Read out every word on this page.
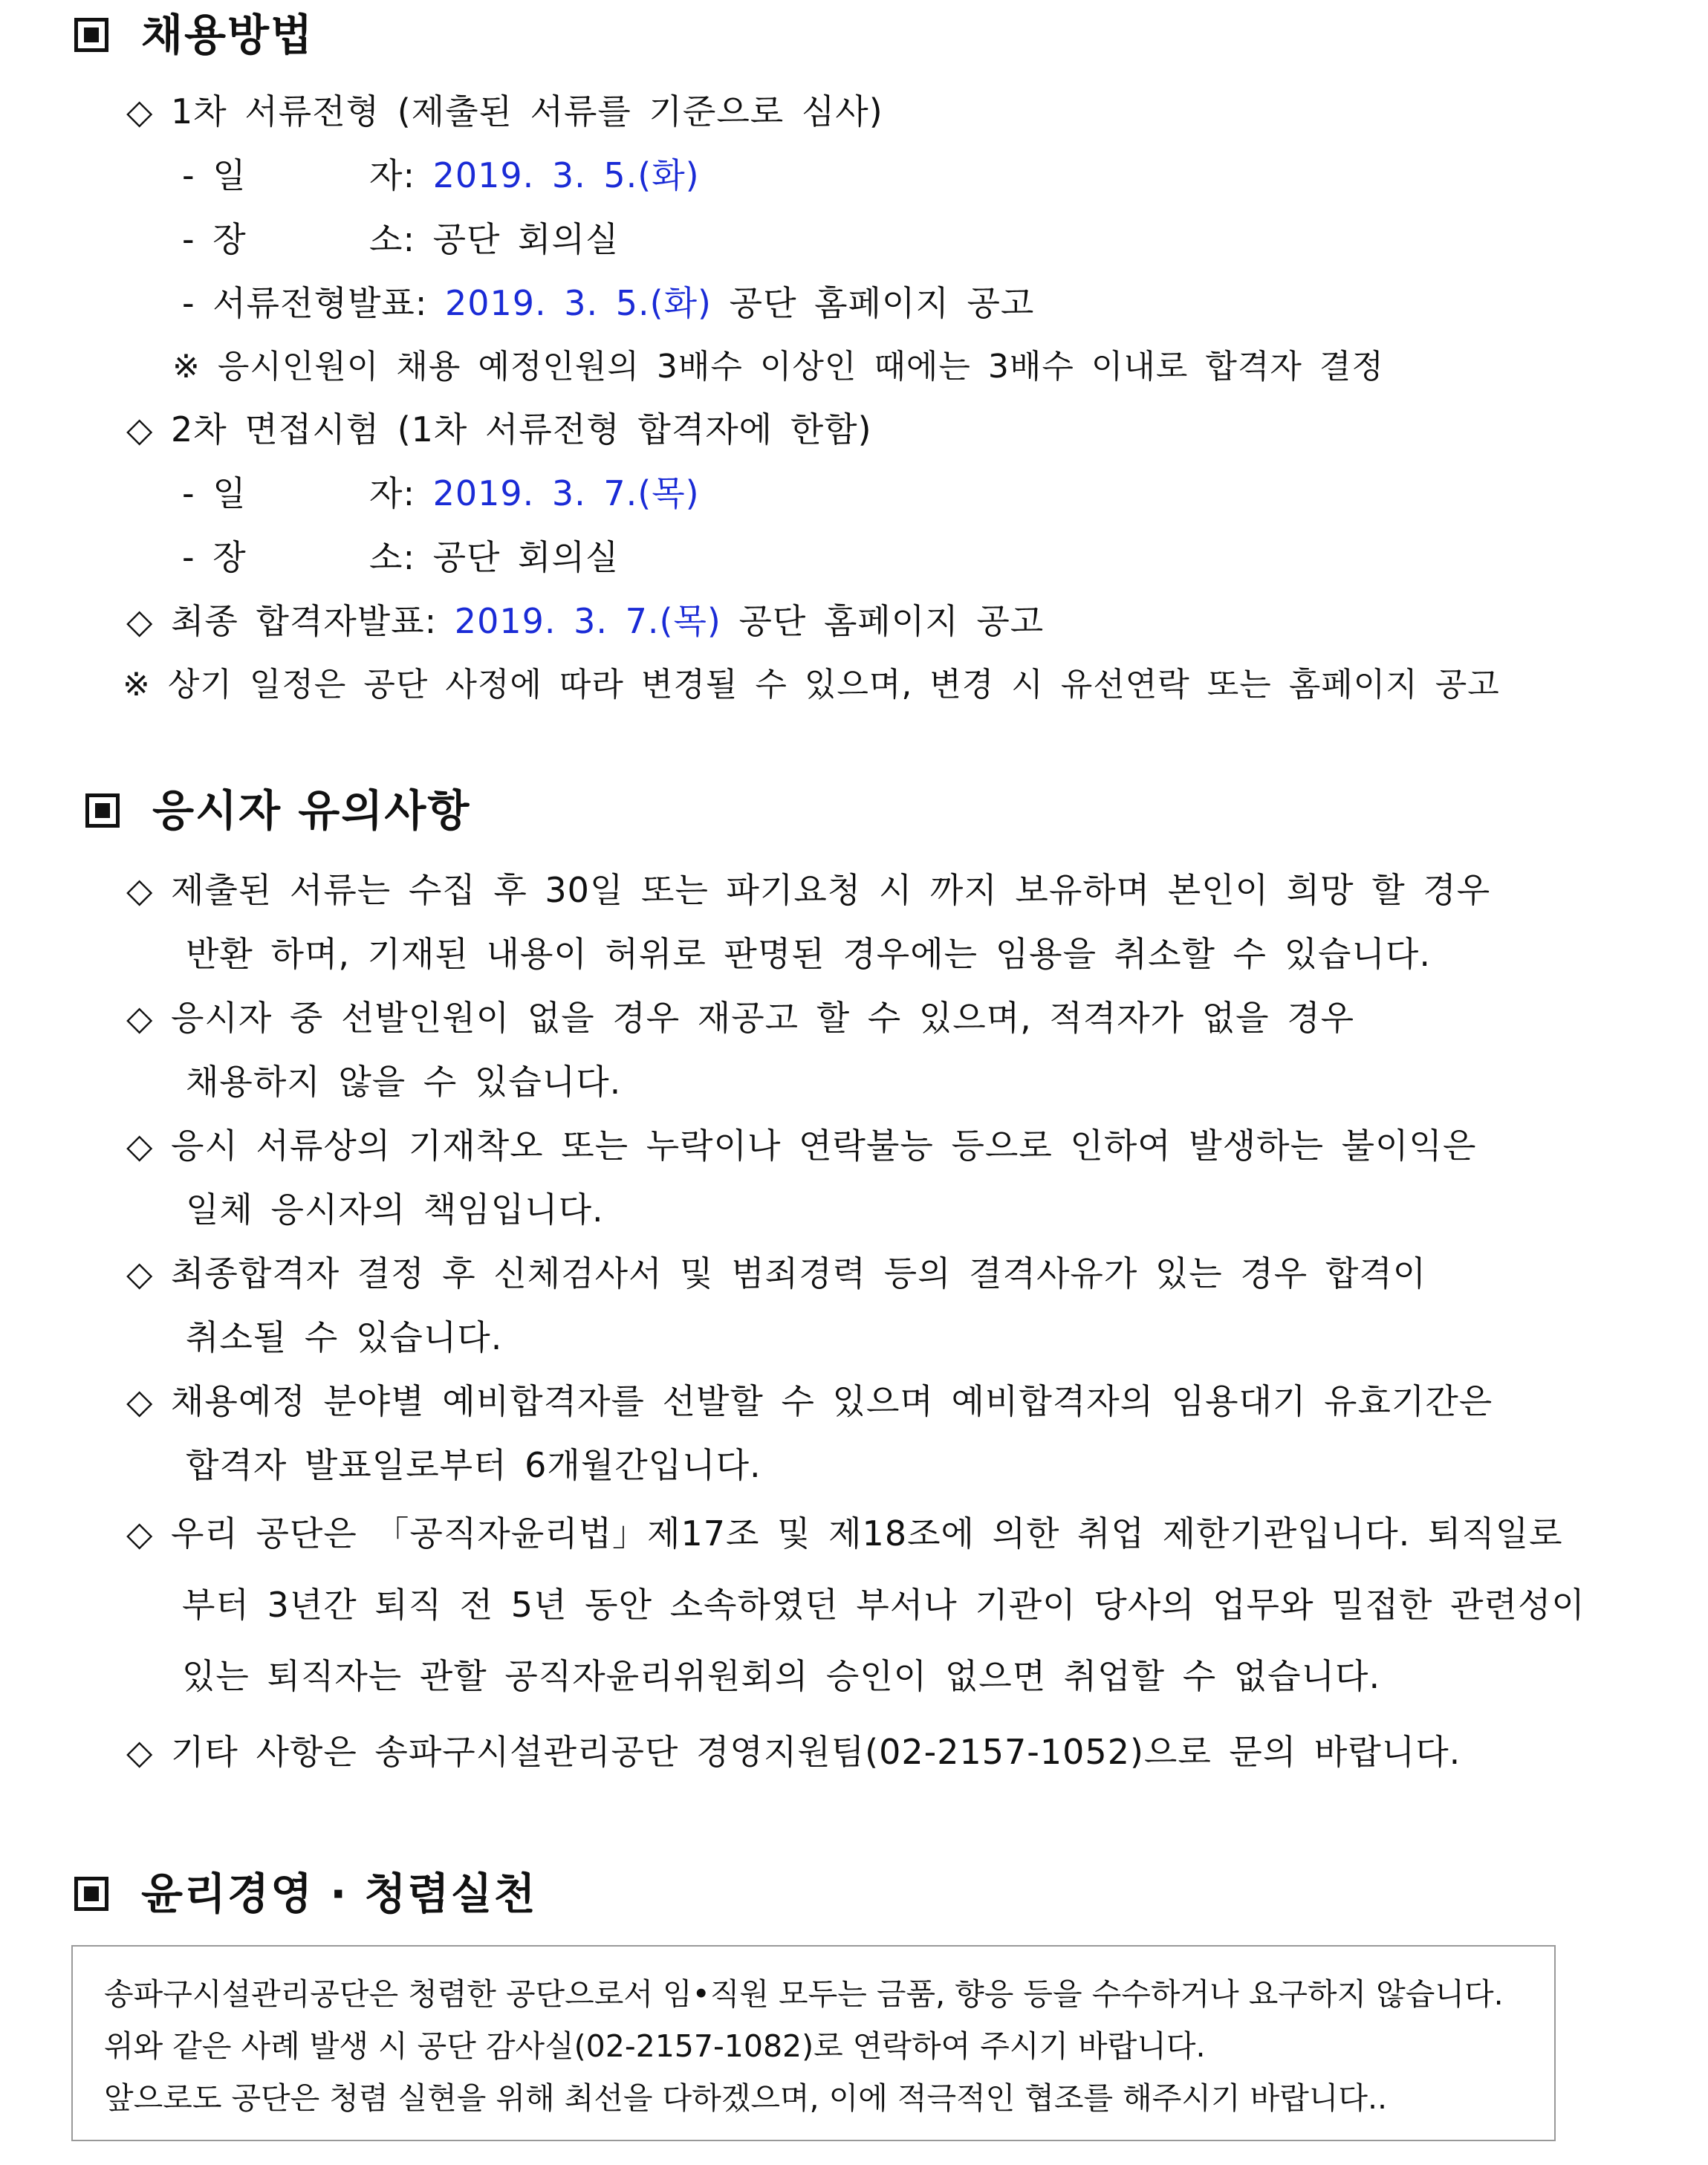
채용방법
◇ 1차 서류전형 (제출된 서류를 기준으로 심사)
- 일       자: 2019. 3. 5.(화)
- 장       소: 공단 회의실
- 서류전형발표: 2019. 3. 5.(화) 공단 홈페이지 공고
※ 응시인원이 채용 예정인원의 3배수 이상인 때에는 3배수 이내로 합격자 결정
◇ 2차 면접시험 (1차 서류전형 합격자에 한함)
- 일       자: 2019. 3. 7.(목)
- 장       소: 공단 회의실
◇ 최종 합격자발표: 2019. 3. 7.(목) 공단 홈페이지 공고
※ 상기 일정은 공단 사정에 따라 변경될 수 있으며, 변경 시 유선연락 또는 홈페이지 공고
응시자 유의사항
◇ 제출된 서류는 수집 후 30일 또는 파기요청 시 까지 보유하며 본인이 희망 할 경우
반환 하며, 기재된 내용이 허위로 판명된 경우에는 임용을 취소할 수 있습니다.
◇ 응시자 중 선발인원이 없을 경우 재공고 할 수 있으며, 적격자가 없을 경우
채용하지 않을 수 있습니다.
◇ 응시 서류상의 기재착오 또는 누락이나 연락불능 등으로 인하여 발생하는 불이익은
일체 응시자의 책임입니다.
◇ 최종합격자 결정 후 신체검사서 및 범죄경력 등의 결격사유가 있는 경우 합격이
취소될 수 있습니다.
◇ 채용예정 분야별 예비합격자를 선발할 수 있으며 예비합격자의 임용대기 유효기간은
합격자 발표일로부터 6개월간입니다.
◇ 우리 공단은 「공직자윤리법」제17조 및 제18조에 의한 취업 제한기관입니다. 퇴직일로
부터 3년간 퇴직 전 5년 동안 소속하였던 부서나 기관이 당사의 업무와 밀접한 관련성이
있는 퇴직자는 관할 공직자윤리위원회의 승인이 없으면 취업할 수 없습니다.
◇ 기타 사항은 송파구시설관리공단 경영지원팀(02-2157-1052)으로 문의 바랍니다.
윤리경영 · 청렴실천
송파구시설관리공단은 청렴한 공단으로서 임•직원 모두는 금품, 향응 등을 수수하거나 요구하지 않습니다.
위와 같은 사례 발생 시 공단 감사실(02-2157-1082)로 연락하여 주시기 바랍니다.
앞으로도 공단은 청렴 실현을 위해 최선을 다하겠으며, 이에 적극적인 협조를 해주시기 바랍니다..
